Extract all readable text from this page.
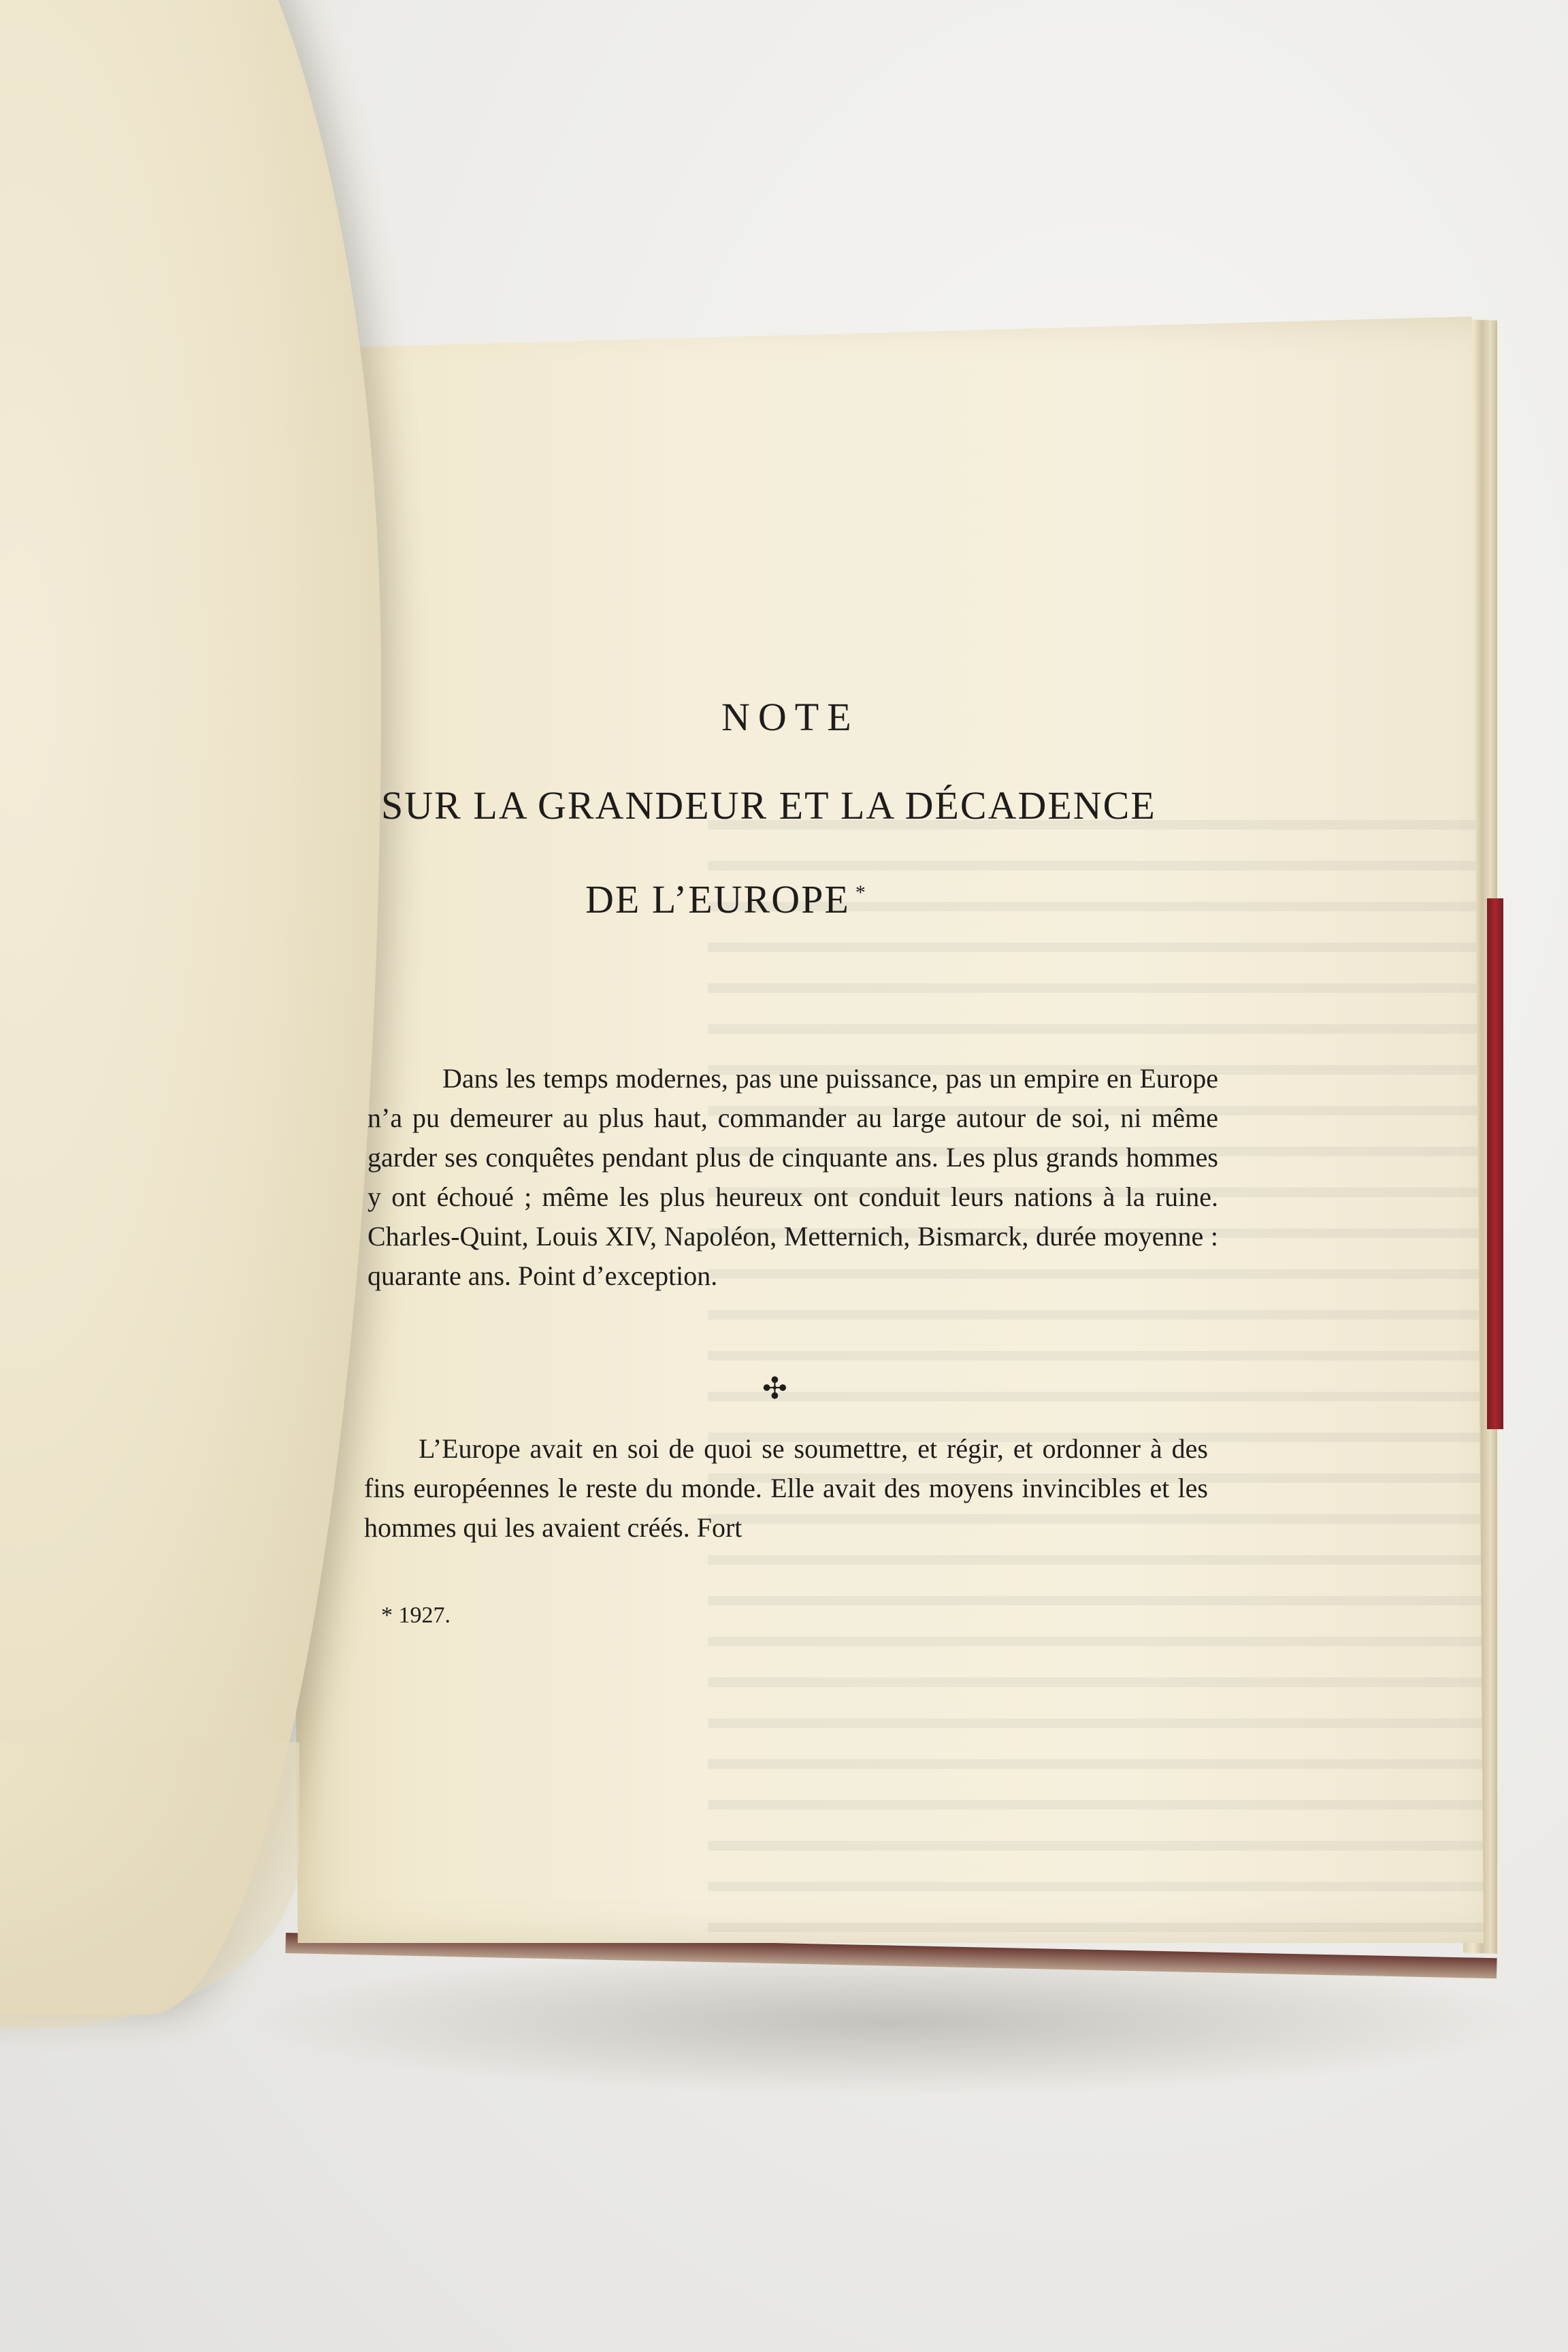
NOTE
SUR LA GRANDEUR ET LA DÉCADENCE
DE L’EUROPE *
Dans les temps modernes, pas une puissance, pas un empire en Europe n’a pu demeurer au plus haut, commander au large autour de soi, ni même garder ses conquêtes pendant plus de cinquante ans. Les plus grands hommes y ont échoué ; même les plus heureux ont conduit leurs nations à la ruine. Charles-Quint, Louis XIV, Napoléon, Metternich, Bismarck, durée moyenne : quarante ans. Point d’exception.
✣
L’Europe avait en soi de quoi se soumettre, et régir, et ordonner à des fins européennes le reste du monde. Elle avait des moyens invincibles et les hommes qui les avaient créés. Fort
* 1927.
